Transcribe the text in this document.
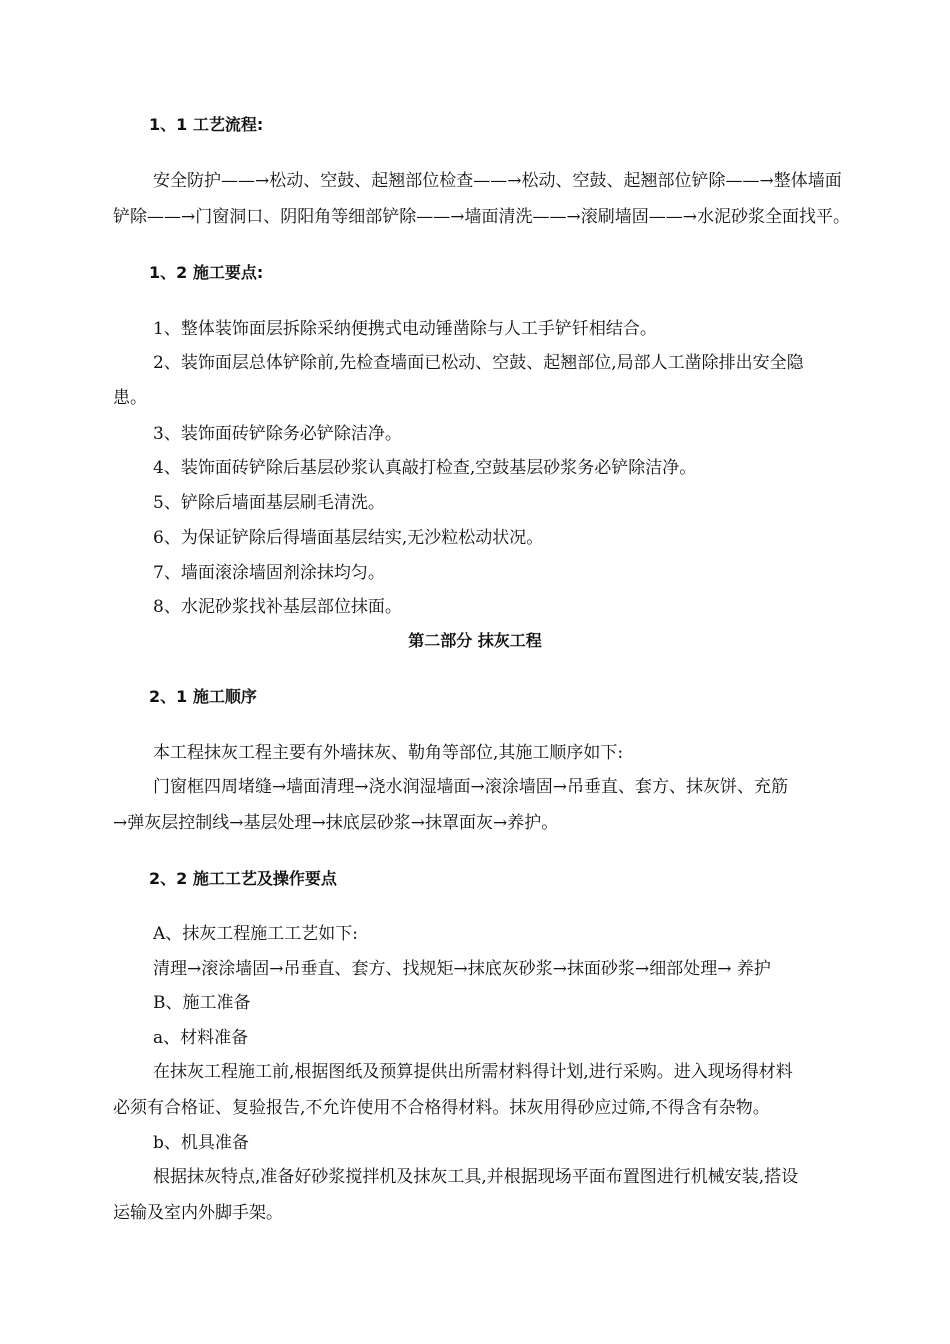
1、1 工艺流程:
安全防护——→松动、空鼓、起翘部位检查——→松动、空鼓、起翘部位铲除——→整体墙面
铲除——→门窗洞口、阴阳角等细部铲除——→墙面清洗——→滚刷墙固——→水泥砂浆全面找平。
1、2 施工要点:
1、整体装饰面层拆除采纳便携式电动锤凿除与人工手铲钎相结合。
2、装饰面层总体铲除前,先检查墙面已松动、空鼓、起翘部位,局部人工凿除排出安全隐
患。
3、装饰面砖铲除务必铲除洁净。
4、装饰面砖铲除后基层砂浆认真敲打检查,空鼓基层砂浆务必铲除洁净。
5、铲除后墙面基层刷毛清洗。
6、为保证铲除后得墙面基层结实,无沙粒松动状况。
7、墙面滚涂墙固剂涂抹均匀。
8、水泥砂浆找补基层部位抹面。
第二部分 抹灰工程
2、1 施工顺序
本工程抹灰工程主要有外墙抹灰、勒角等部位,其施工顺序如下:
门窗框四周堵缝→墙面清理→浇水润湿墙面→滚涂墙固→吊垂直、套方、抹灰饼、充筋
→弹灰层控制线→基层处理→抹底层砂浆→抹罩面灰→养护。
2、2 施工工艺及操作要点
A、抹灰工程施工工艺如下:
清理→滚涂墙固→吊垂直、套方、找规矩→抹底灰砂浆→抹面砂浆→细部处理→ 养护
B、施工准备
a、材料准备
在抹灰工程施工前,根据图纸及预算提供出所需材料得计划,进行采购。进入现场得材料
必须有合格证、复验报告,不允许使用不合格得材料。抹灰用得砂应过筛,不得含有杂物。
b、机具准备
根据抹灰特点,准备好砂浆搅拌机及抹灰工具,并根据现场平面布置图进行机械安装,搭设
运输及室内外脚手架。
